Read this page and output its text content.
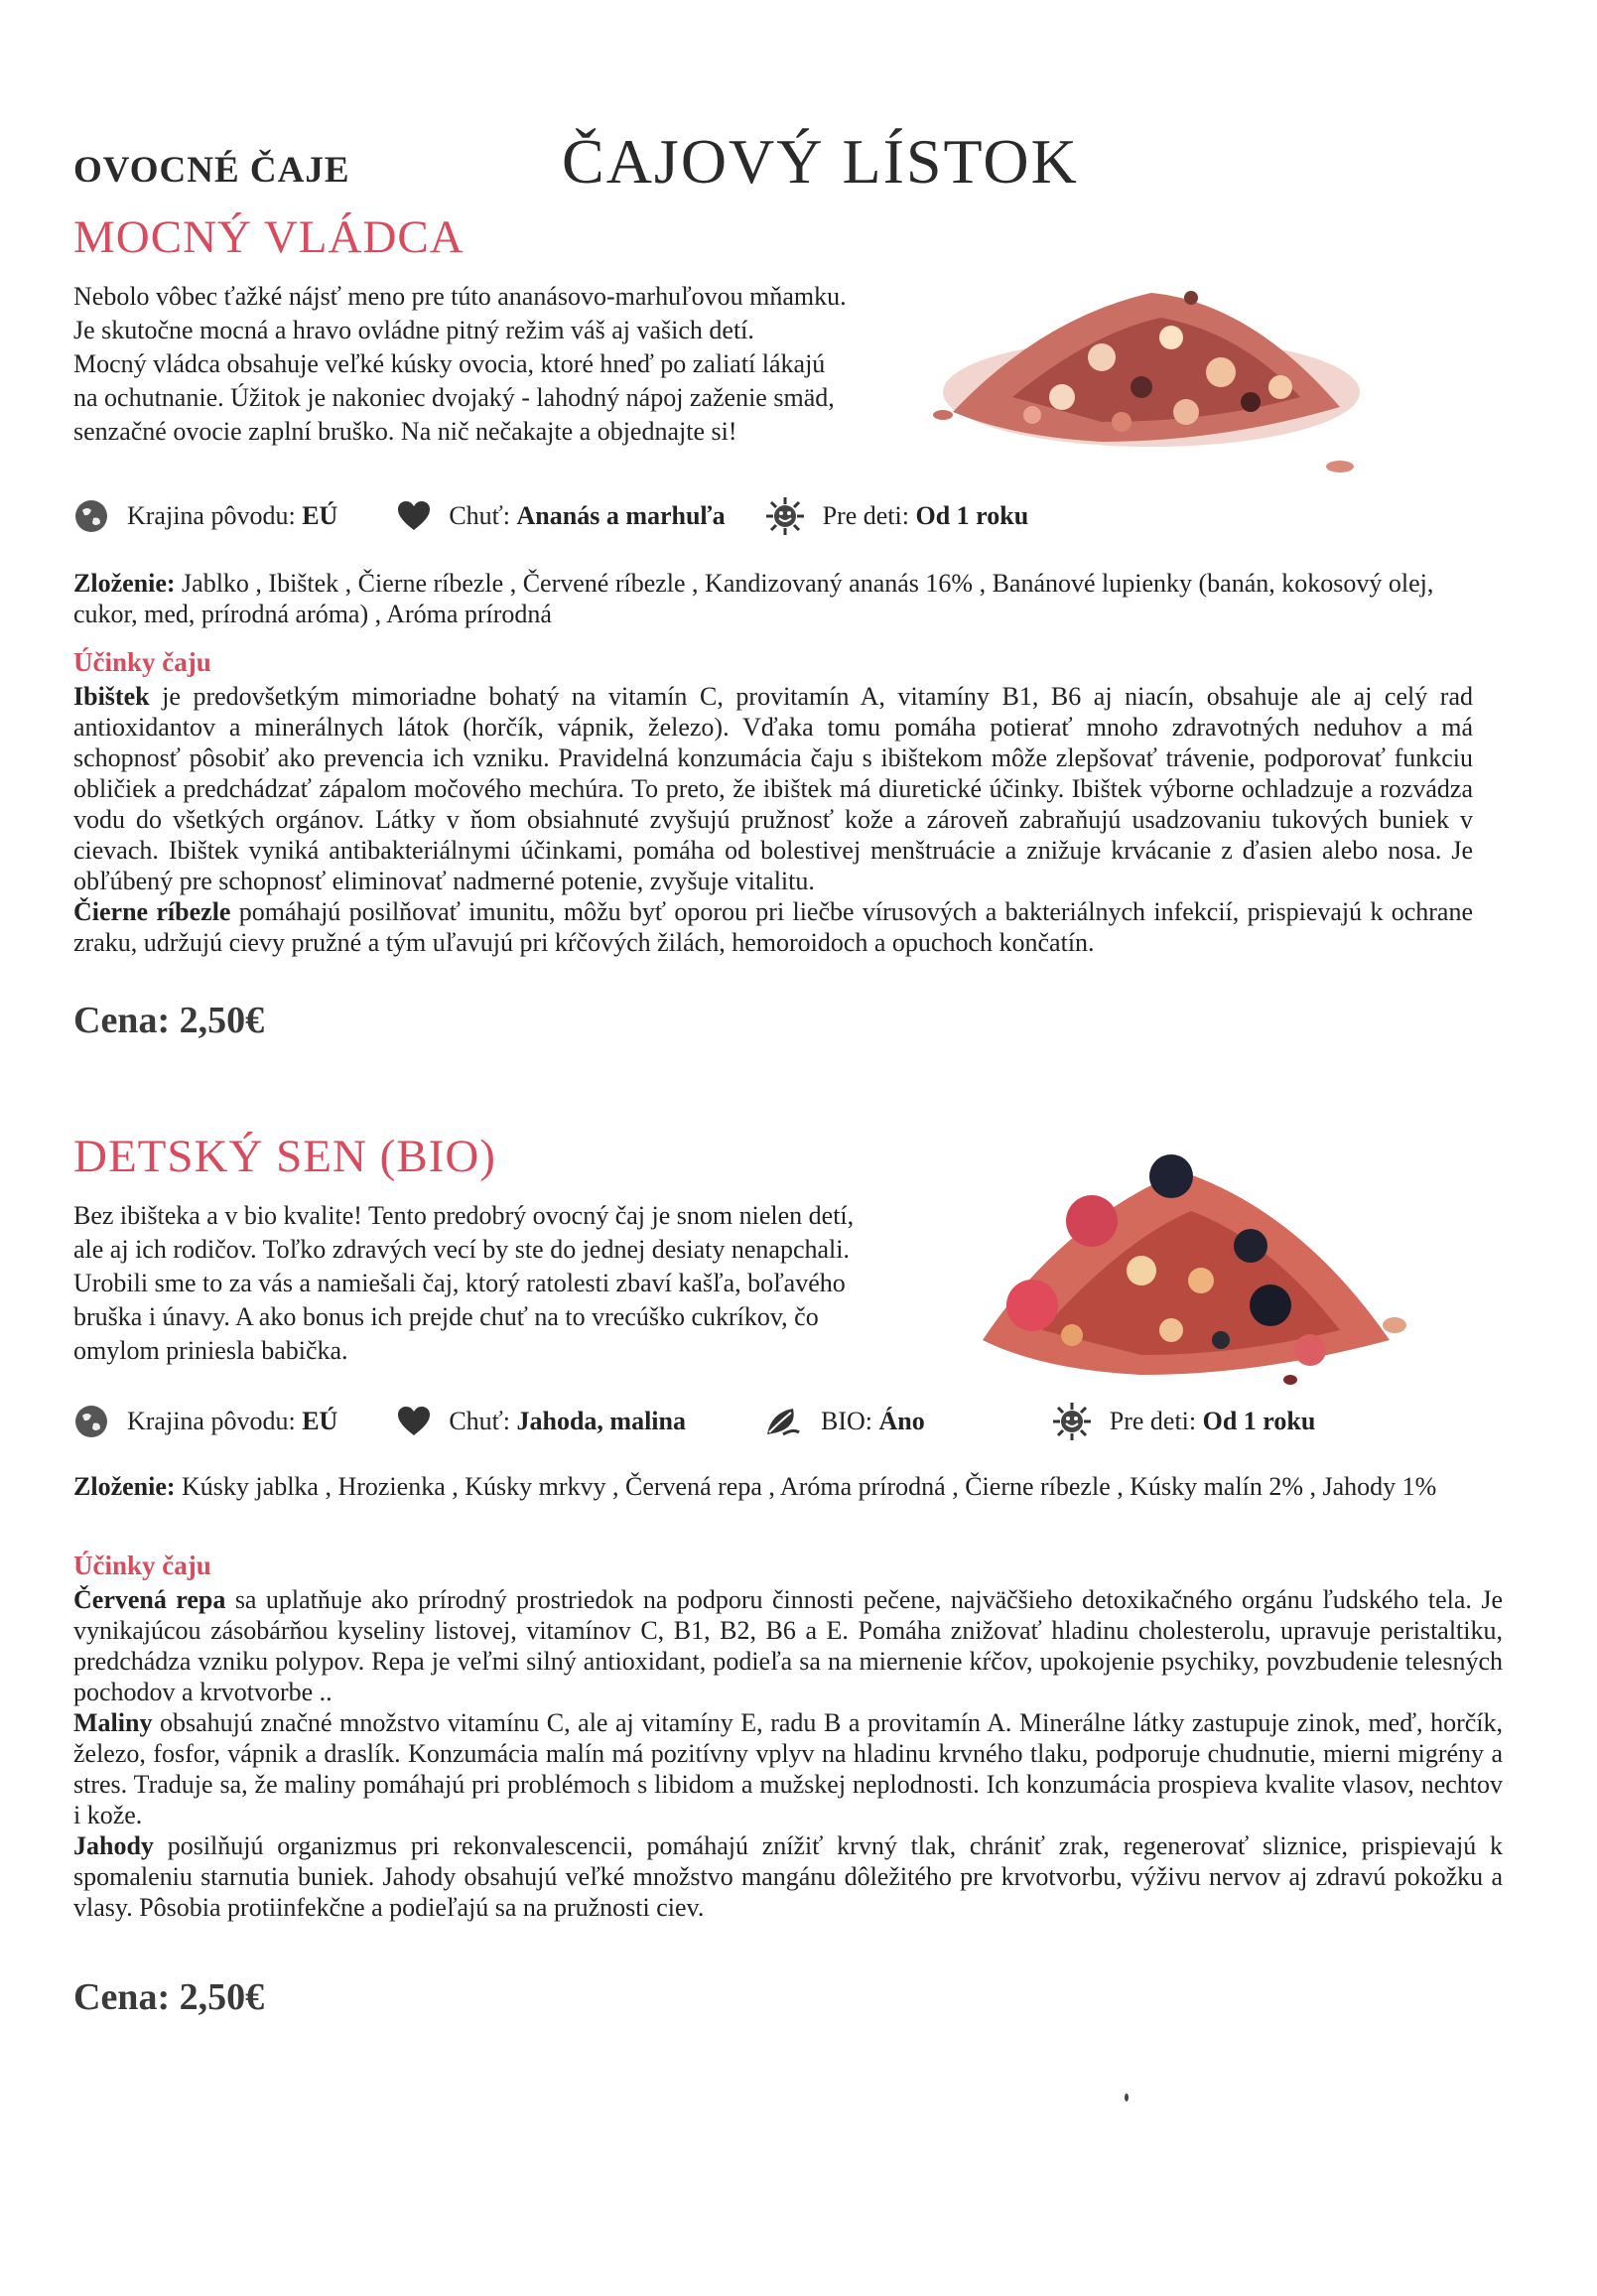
OVOCNÉ ČAJE	ČAJOVÝ LÍSTOK
MOCNÝ VLÁDCA
Nebolo vôbec ťažké nájsť meno pre túto ananásovo-marhuľovou mňamku.
Je skutočne mocná a hravo ovládne pitný režim váš aj vašich detí.
Mocný vládca obsahuje veľké kúsky ovocia, ktoré hneď po zaliatí lákajú
na ochutnanie. Úžitok je nakoniec dvojaký - lahodný nápoj zaženie smäd,
senzačné ovocie zaplní bruško. Na nič nečakajte a objednajte si!
Krajina pôvodu:
EÚ	Chuť:
Ananás a marhuľa	Pre deti:
Od 1 roku
Zloženie: Jablko , Ibištek , Čierne ríbezle , Červené ríbezle , Kandizovaný ananás 16% , Banánové lupienky (banán, kokosový olej, cukor, med, prírodná aróma) , Aróma prírodná
Účinky čaju
Ibištek je predovšetkým mimoriadne bohatý na vitamín C, provitamín A, vitamíny B1, B6 aj niacín, obsahuje ale aj celý rad antioxidantov a minerálnych látok (horčík, vápnik, železo). Vďaka tomu pomáha potierať mnoho zdravotných neduhov a má schopnosť pôsobiť ako prevencia ich vzniku. Pravidelná konzumácia čaju s ibištekom môže zlepšovať trávenie, podporovať funkciu obličiek a predchádzať zápalom močového mechúra. To preto, že ibištek má diuretické účinky. Ibištek výborne ochladzuje a rozvádza vodu do všetkých orgánov. Látky v ňom obsiahnuté zvyšujú pružnosť kože a zároveň zabraňujú usadzovaniu tukových buniek v cievach. Ibištek vyniká antibakteriálnymi účinkami, pomáha od bolestivej menštruácie a znižuje krvácanie z ďasien alebo nosa. Je obľúbený pre schopnosť eliminovať nadmerné potenie, zvyšuje vitalitu.
Čierne ríbezle pomáhajú posilňovať imunitu, môžu byť oporou pri liečbe vírusových a bakteriálnych infekcií, prispievajú k ochrane zraku, udržujú cievy pružné a tým uľavujú pri kŕčových žilách, hemoroidoch a opuchoch končatín.
Cena: 2,50€
DETSKÝ SEN (BIO)
Bez ibišteka a v bio kvalite! Tento predobrý ovocný čaj je snom nielen detí,
ale aj ich rodičov. Toľko zdravých vecí by ste do jednej desiaty nenapchali.
Urobili sme to za vás a namiešali čaj, ktorý ratolesti zbaví kašľa, boľavého
bruška i únavy. A ako bonus ich prejde chuť na to vrecúško cukríkov, čo
omylom priniesla babička.
Krajina pôvodu:
EÚ	Chuť:
Jahoda, malina	BIO:
Áno	Pre deti:
Od 1 roku
Zloženie: Kúsky jablka , Hrozienka , Kúsky mrkvy , Červená repa , Aróma prírodná , Čierne ríbezle , Kúsky malín 2% , Jahody 1%
Účinky čaju
Červená repa sa uplatňuje ako prírodný prostriedok na podporu činnosti pečene, najväčšieho detoxikačného orgánu ľudského tela. Je vynikajúcou zásobárňou kyseliny listovej, vitamínov C, B1, B2, B6 a E. Pomáha znižovať hladinu cholesterolu, upravuje peristaltiku, predchádza vzniku polypov. Repa je veľmi silný antioxidant, podieľa sa na miernenie kŕčov, upokojenie psychiky, povzbudenie telesných pochodov a krvotvorbe ..
Maliny obsahujú značné množstvo vitamínu C, ale aj vitamíny E, radu B a provitamín A. Minerálne látky zastupuje zinok, meď, horčík, železo, fosfor, vápnik a draslík. Konzumácia malín má pozitívny vplyv na hladinu krvného tlaku, podporuje chudnutie, mierni migrény a stres. Traduje sa, že maliny pomáhajú pri problémoch s libidom a mužskej neplodnosti. Ich konzumácia prospieva kvalite vlasov, nechtov i kože.
Jahody posilňujú organizmus pri rekonvalescencii, pomáhajú znížiť krvný tlak, chrániť zrak, regenerovať sliznice, prispievajú k spomaleniu starnutia buniek. Jahody obsahujú veľké množstvo mangánu dôležitého pre krvotvorbu, výživu nervov aj zdravú pokožku a vlasy. Pôsobia protiinfekčne a podieľajú sa na pružnosti ciev.
Cena: 2,50€
